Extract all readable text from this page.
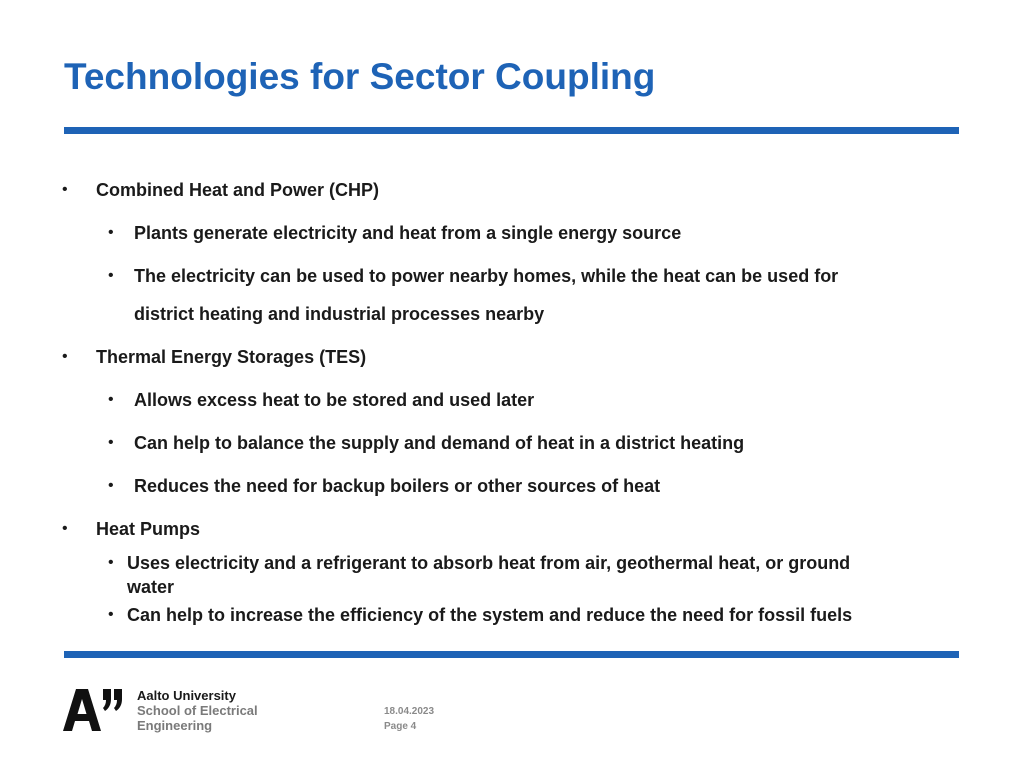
Technologies for Sector Coupling
• Combined Heat and Power (CHP)
• Plants generate electricity and heat from a single energy source
• The electricity can be used to power nearby homes, while the heat can be used for
district heating and industrial processes nearby
• Thermal Energy Storages (TES)
• Allows excess heat to be stored and used later
• Can help to balance the supply and demand of heat in a district heating
• Reduces the need for backup boilers or other sources of heat
• Heat Pumps
• Uses electricity and a refrigerant to absorb heat from air, geothermal heat, or ground
water
• Can help to increase the efficiency of the system and reduce the need for fossil fuels
Aalto University
School of Electrical
Engineering
18.04.2023
Page 4
